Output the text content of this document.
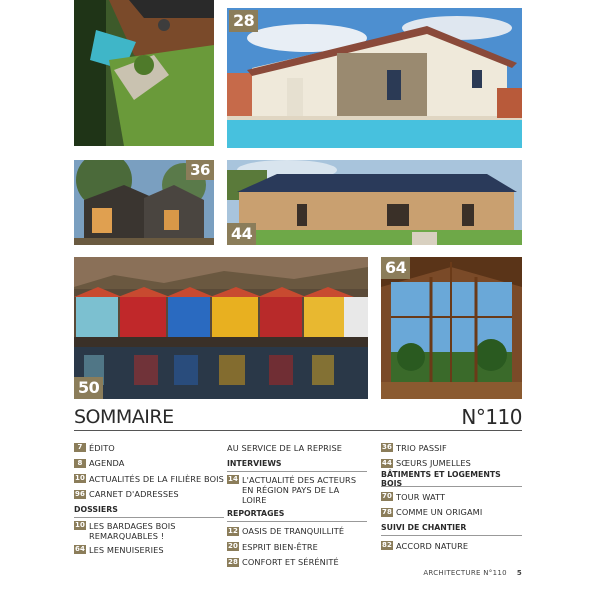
28
36
44
50
64
SOMMAIRE	N°110
7 ÉDITO
8 AGENDA
10 ACTUALITÉS DE LA FILIÈRE BOIS
96 CARNET D'ADRESSES
DOSSIERS
10 LES BARDAGES BOIS REMARQUABLES !
64 LES MENUISERIES
AU SERVICE DE LA REPRISE
INTERVIEWS
14 L'ACTUALITÉ DES ACTEURS EN RÉGION PAYS DE LA LOIRE
REPORTAGES
12 OASIS DE TRANQUILLITÉ
20 ESPRIT BIEN-ÊTRE
28 CONFORT ET SÉRÉNITÉ
36 TRIO PASSIF
44 SŒURS JUMELLES
BÂTIMENTS ET LOGEMENTS BOIS
70 TOUR WATT
78 COMME UN ORIGAMI
SUIVI DE CHANTIER
82 ACCORD NATURE
ARCHITECTURE N°110 5
